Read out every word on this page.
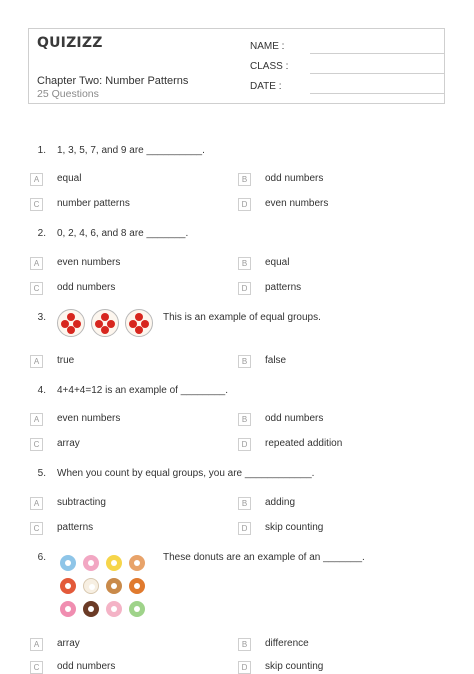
QUIZIZZ
Chapter Two: Number Patterns
25 Questions
NAME :
CLASS :
DATE :
1. 1, 3, 5, 7, and 9 are __________.
A	equal	B	odd numbers
C	number patterns	D	even numbers
2. 0, 2, 4, 6, and 8 are _______.
A	even numbers	B	equal
C	odd numbers	D	patterns
3.	This is an example of equal groups.
A	true	B	false
4. 4+4+4=12 is an example of ________.
A	even numbers	B	odd numbers
C	array	D	repeated addition
5. When you count by equal groups, you are ____________.
A	subtracting	B	adding
C	patterns	D	skip counting
6.	These donuts are an example of an _______.
A	array	B	difference
C	odd numbers	D	skip counting
